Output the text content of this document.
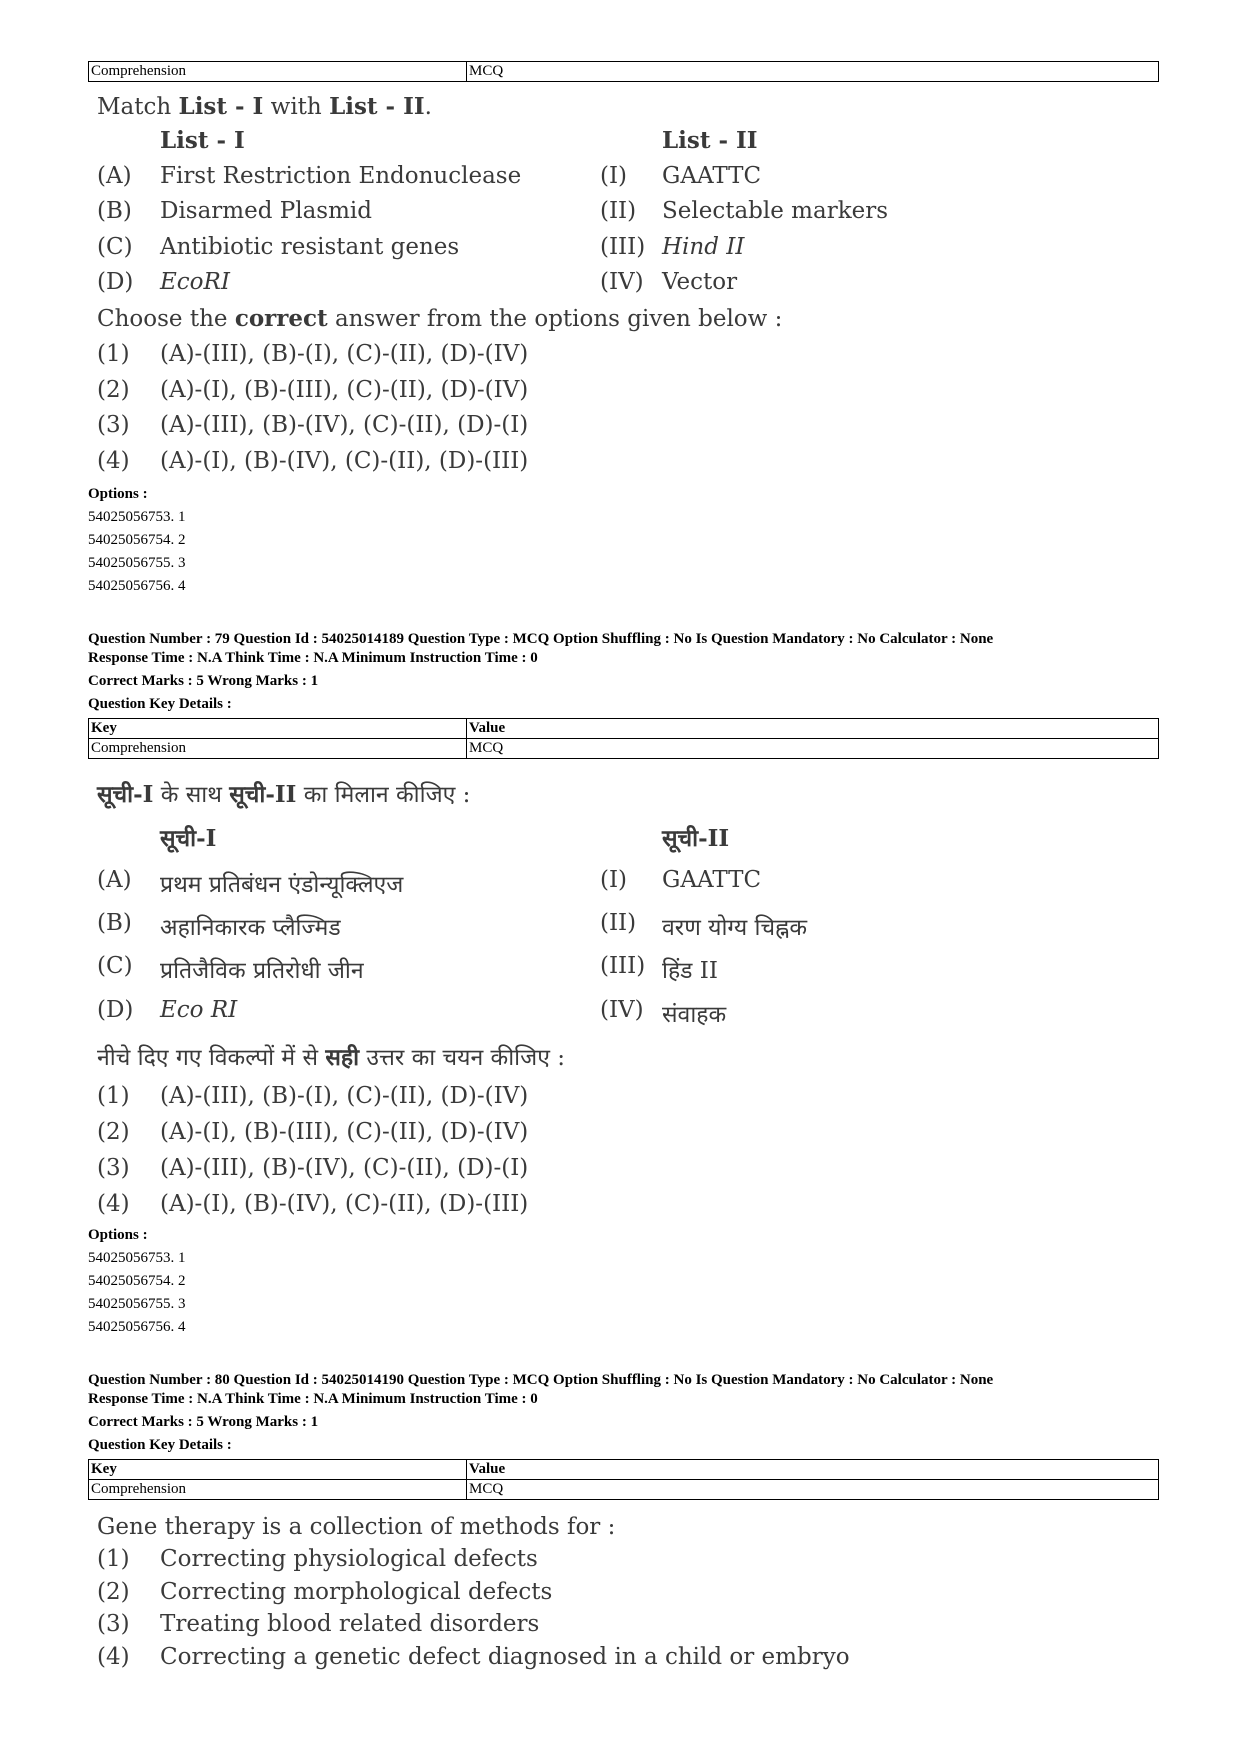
Comprehension	MCQ
Match List - I with List - II.
List - I	List - II
(A) First Restriction Endonuclease	(I) GAATTC
(B) Disarmed Plasmid	(II) Selectable markers
(C) Antibiotic resistant genes	(III) Hind II
(D) EcoRI	(IV) Vector
Choose the correct answer from the options given below :
(1) (A)-(III), (B)-(I), (C)-(II), (D)-(IV)
(2) (A)-(I), (B)-(III), (C)-(II), (D)-(IV)
(3) (A)-(III), (B)-(IV), (C)-(II), (D)-(I)
(4) (A)-(I), (B)-(IV), (C)-(II), (D)-(III)
Options :
54025056753. 1
54025056754. 2
54025056755. 3
54025056756. 4
Question Number : 79 Question Id : 54025014189 Question Type : MCQ Option Shuffling : No Is Question Mandatory : No Calculator : None
Response Time : N.A Think Time : N.A Minimum Instruction Time : 0
Correct Marks : 5 Wrong Marks : 1
Question Key Details :
Key	Value
Comprehension	MCQ
सूची-I के साथ सूची-II का मिलान कीजिए :
सूची-I	सूची-II
(A) प्रथम प्रतिबंधन एंडोन्यूक्लिएज	(I) GAATTC
(B) अहानिकारक प्लैज्मिड	(II) वरण योग्य चिह्नक
(C) प्रतिजैविक प्रतिरोधी जीन	(III) हिंड II
(D) Eco RI	(IV) संवाहक
नीचे दिए गए विकल्पों में से सही उत्तर का चयन कीजिए :
(1) (A)-(III), (B)-(I), (C)-(II), (D)-(IV)
(2) (A)-(I), (B)-(III), (C)-(II), (D)-(IV)
(3) (A)-(III), (B)-(IV), (C)-(II), (D)-(I)
(4) (A)-(I), (B)-(IV), (C)-(II), (D)-(III)
Options :
54025056753. 1
54025056754. 2
54025056755. 3
54025056756. 4
Question Number : 80 Question Id : 54025014190 Question Type : MCQ Option Shuffling : No Is Question Mandatory : No Calculator : None
Response Time : N.A Think Time : N.A Minimum Instruction Time : 0
Correct Marks : 5 Wrong Marks : 1
Question Key Details :
Key	Value
Comprehension	MCQ
Gene therapy is a collection of methods for :
(1) Correcting physiological defects
(2) Correcting morphological defects
(3) Treating blood related disorders
(4) Correcting a genetic defect diagnosed in a child or embryo
